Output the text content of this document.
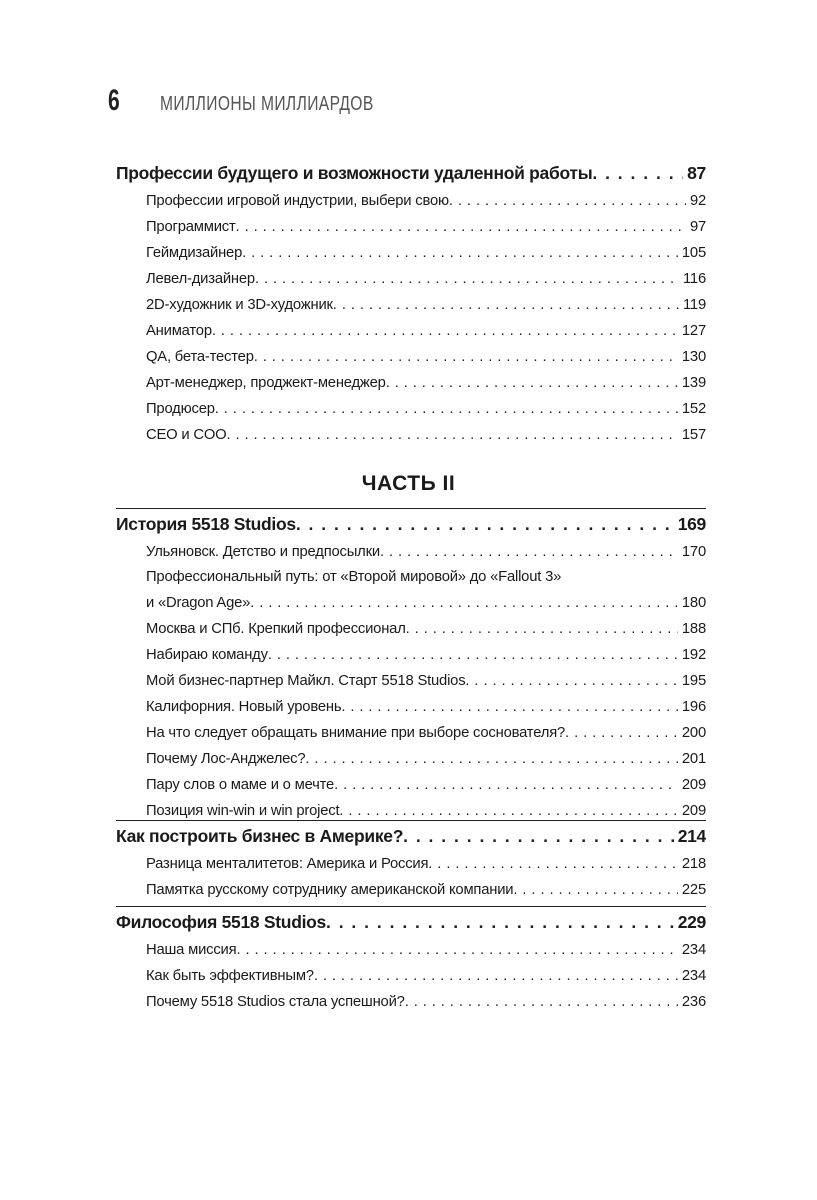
6	МИЛЛИОНЫ МИЛЛИАРДОВ
Профессии будущего и возможности удаленной работы . . .	87
Профессии игровой индустрии, выбери свою . . .	92
Программист . . .	97
Геймдизайнер . . .	105
Левел-дизайнер . . .	116
2D-художник и 3D-художник . . .	119
Аниматор . . .	127
QA, бета-тестер . . .	130
Арт-менеджер, проджект-менеджер . . .	139
Продюсер . . .	152
CEO и COO . . .	157
ЧАСТЬ II
История 5518 Studios . . .	169
Ульяновск. Детство и предпосылки . . .	170
Профессиональный путь: от «Второй мировой» до «Fallout 3»
и «Dragon Age» . . .	180
Москва и СПб. Крепкий профессионал . . .	188
Набираю команду . . .	192
Мой бизнес-партнер Майкл. Старт 5518 Studios . . .	195
Калифорния. Новый уровень . . .	196
На что следует обращать внимание при выборе соснователя? . . .	200
Почему Лос-Анджелес? . . .	201
Пару слов о маме и о мечте . . .	209
Позиция win-win и win project . . .	209
Как построить бизнес в Америке? . . .	214
Разница менталитетов: Америка и Россия . . .	218
Памятка русскому сотруднику американской компании . . .	225
Философия 5518 Studios . . .	229
Наша миссия . . .	234
Как быть эффективным? . . .	234
Почему 5518 Studios стала успешной? . . .	236
